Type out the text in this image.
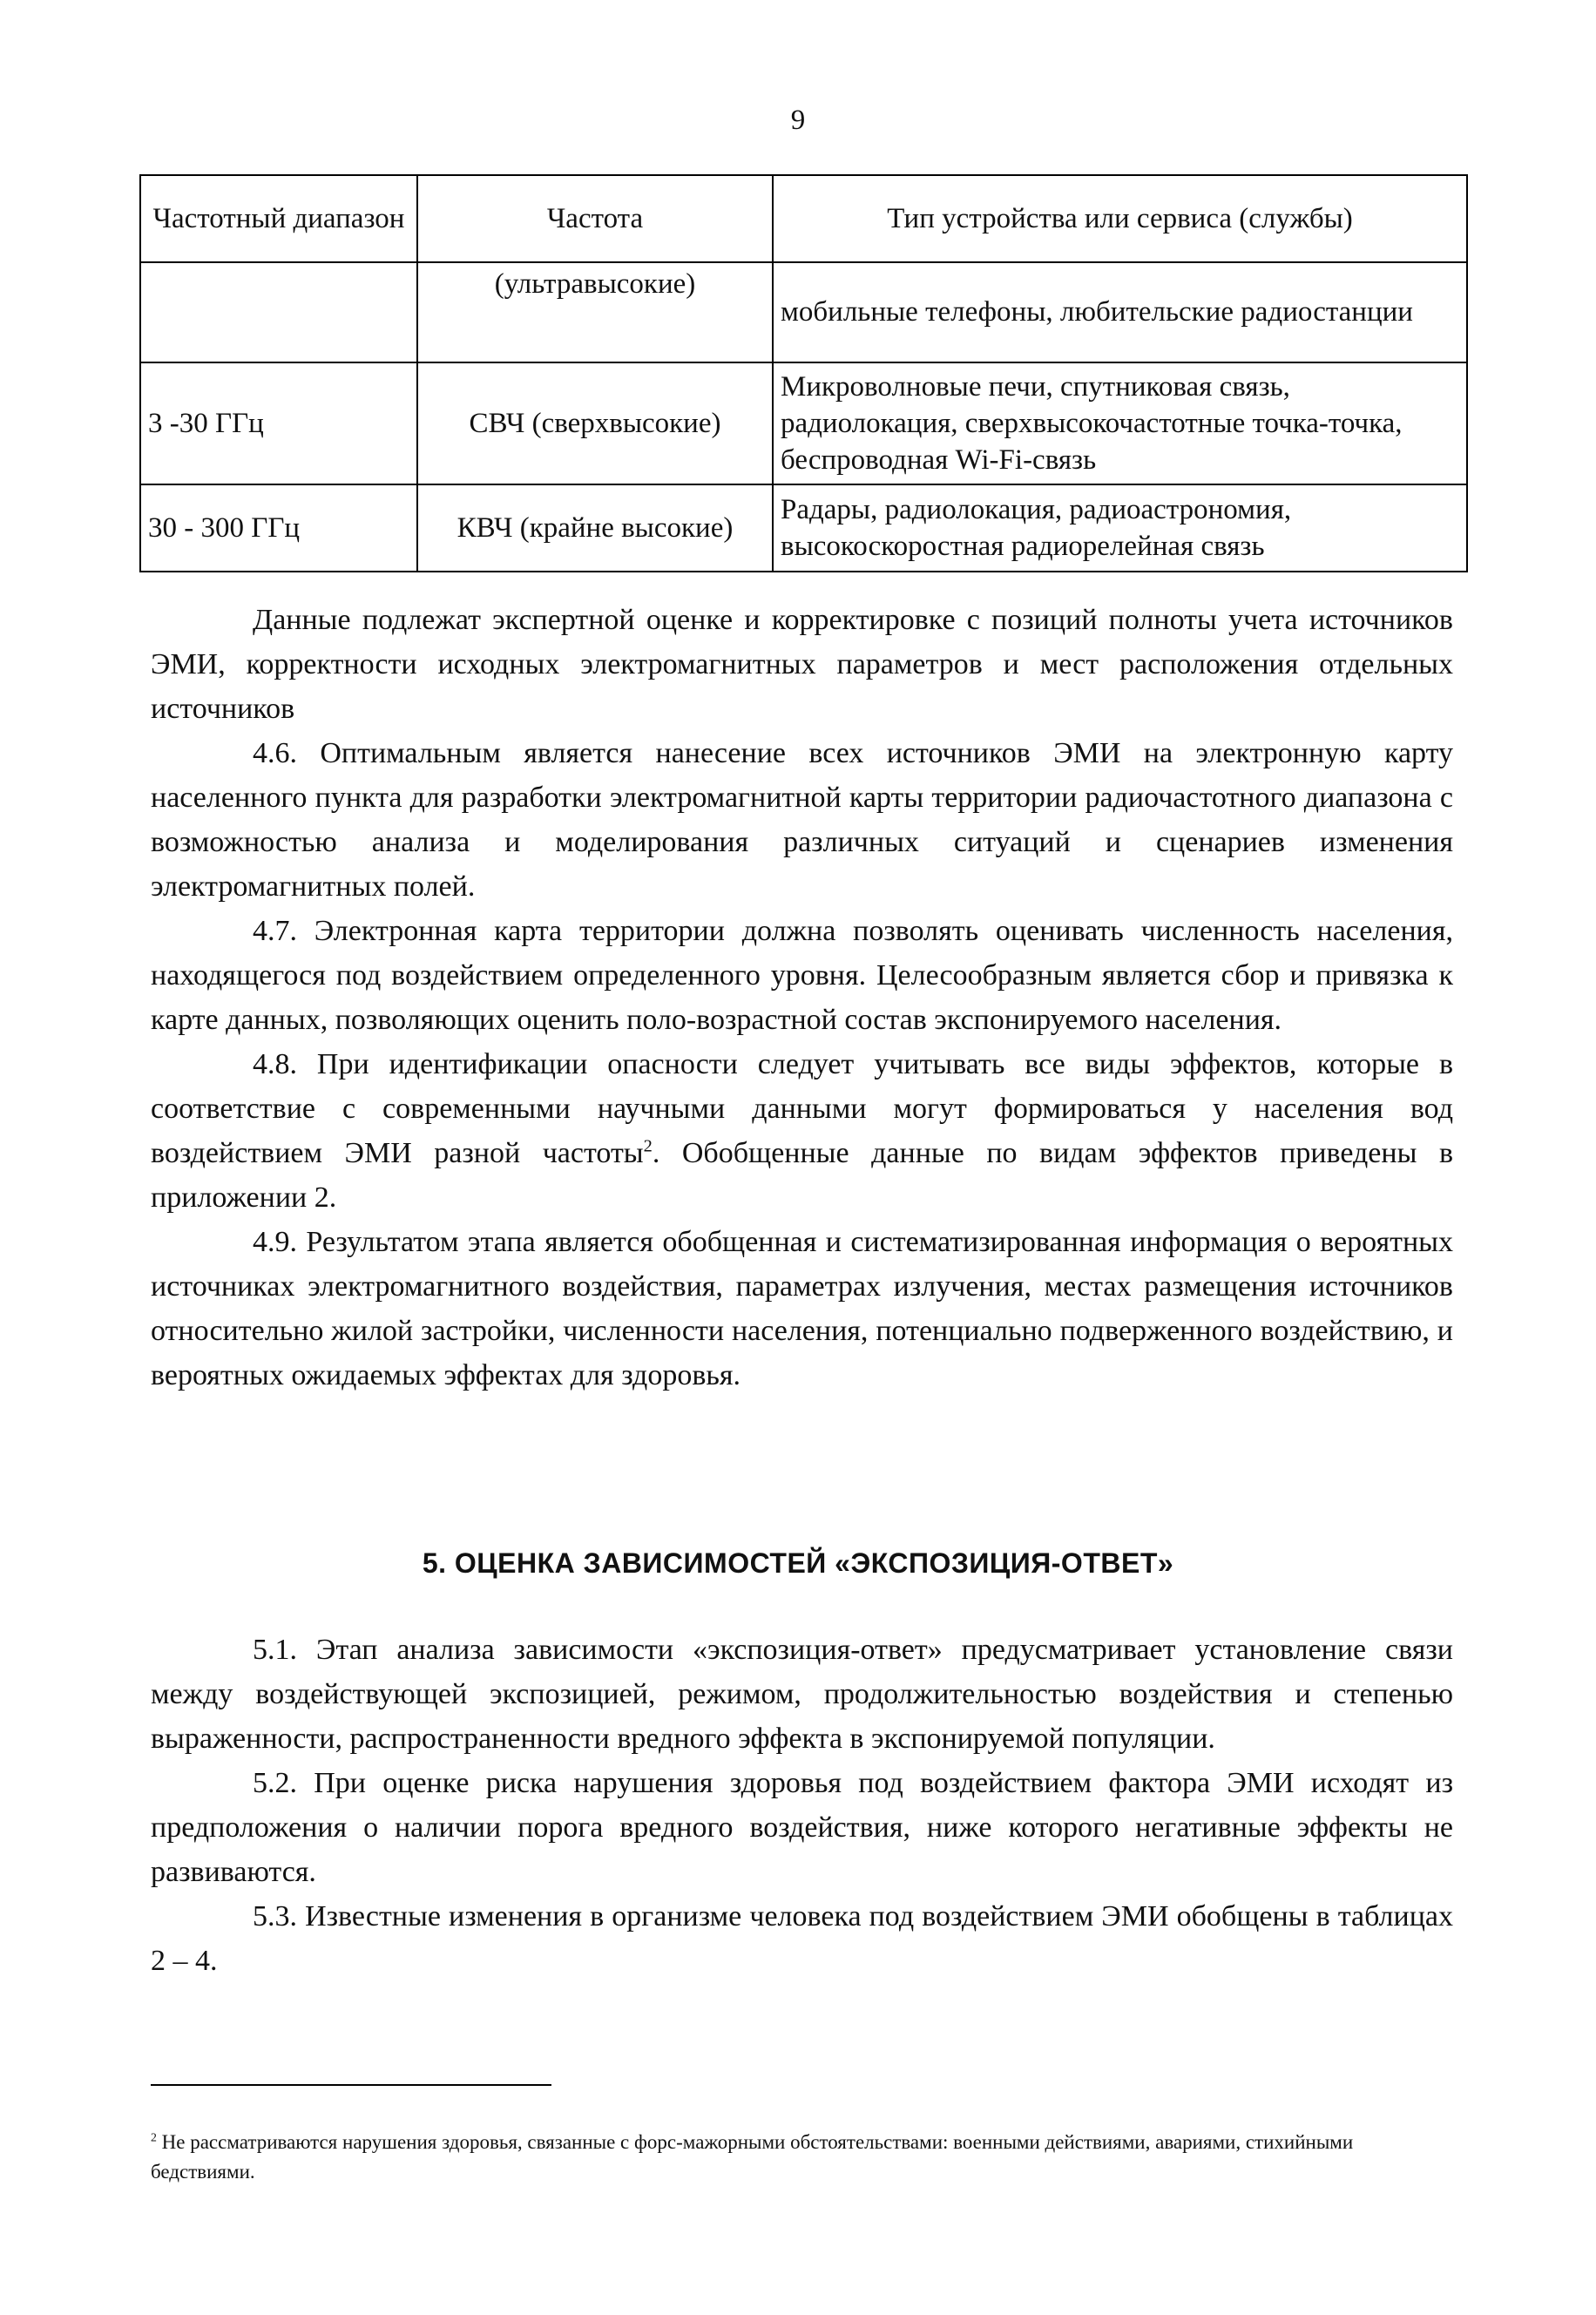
9
Частотный диапазон	Частота	Тип устройства или сервиса (службы)
	(ультравысокие)	мобильные телефоны, любительские радиостанции
3 -30 ГГц	СВЧ (сверхвысокие)	Микроволновые печи, спутниковая связь, радиолокация, сверхвысокочастотные точка-точка, беспроводная Wi-Fi-связь
30 - 300 ГГц	КВЧ (крайне высокие)	Радары, радиолокация, радиоастрономия, высокоскоростная радиорелейная связь

Данные подлежат экспертной оценке и корректировке с позиций полноты учета источников ЭМИ, корректности исходных электромагнитных параметров и мест расположения отдельных источников

4.6. Оптимальным является нанесение всех источников ЭМИ на электронную карту населенного пункта для разработки электромагнитной карты территории радиочастотного диапазона с возможностью анализа и моделирования различных ситуаций и сценариев изменения электромагнитных полей.

4.7. Электронная карта территории должна позволять оценивать численность населения, находящегося под воздействием определенного уровня. Целесообразным является сбор и привязка к карте данных, позволяющих оценить поло-возрастной состав экспонируемого населения.

4.8. При идентификации опасности следует учитывать все виды эффектов, которые в соответствие с современными научными данными могут формироваться у населения вод воздействием ЭМИ разной частоты$^2$. Обобщенные данные по видам эффектов приведены в приложении 2.

4.9. Результатом этапа является обобщенная и систематизированная информация о вероятных источниках электромагнитного воздействия, параметрах излучения, местах размещения источников относительно жилой застройки, численности населения, потенциально подверженного воздействию, и вероятных ожидаемых эффектах для здоровья.

5. ОЦЕНКА ЗАВИСИМОСТЕЙ «ЭКСПОЗИЦИЯ-ОТВЕТ»

5.1. Этап анализа зависимости «экспозиция-ответ» предусматривает установление связи между воздействующей экспозицией, режимом, продолжительностью воздействия и степенью выраженности, распространенности вредного эффекта в экспонируемой популяции.

5.2. При оценке риска нарушения здоровья под воздействием фактора ЭМИ исходят из предположения о наличии порога вредного воздействия, ниже которого негативные эффекты не развиваются.

5.3. Известные изменения в организме человека под воздействием ЭМИ обобщены в таблицах 2 – 4.

$^2$ Не рассматриваются нарушения здоровья, связанные с форс-мажорными обстоятельствами: военными действиями, авариями, стихийными бедствиями.
